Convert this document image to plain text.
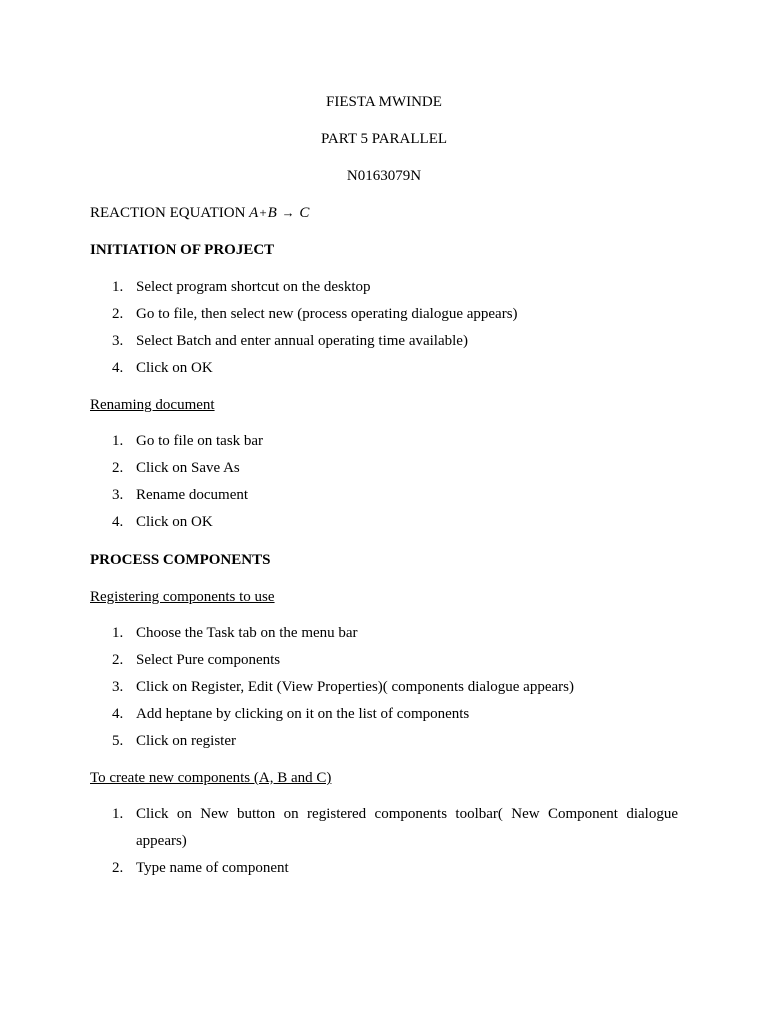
FIESTA MWINDE
PART 5 PARALLEL
N0163079N
REACTION EQUATION A+B → C
INITIATION OF PROJECT
1. Select program shortcut on the desktop
2. Go to file, then select new (process operating dialogue appears)
3. Select Batch and enter annual operating time available)
4. Click on OK
Renaming document
1. Go to file on task bar
2. Click on Save As
3. Rename document
4. Click on OK
PROCESS COMPONENTS
Registering components to use
1. Choose the Task tab on the menu bar
2. Select Pure components
3. Click on Register, Edit (View Properties)( components dialogue appears)
4. Add heptane by clicking on it on the list of components
5. Click on register
To create new components (A, B and C)
1. Click on New button on registered components toolbar( New Component dialogue appears)
2. Type name of component
